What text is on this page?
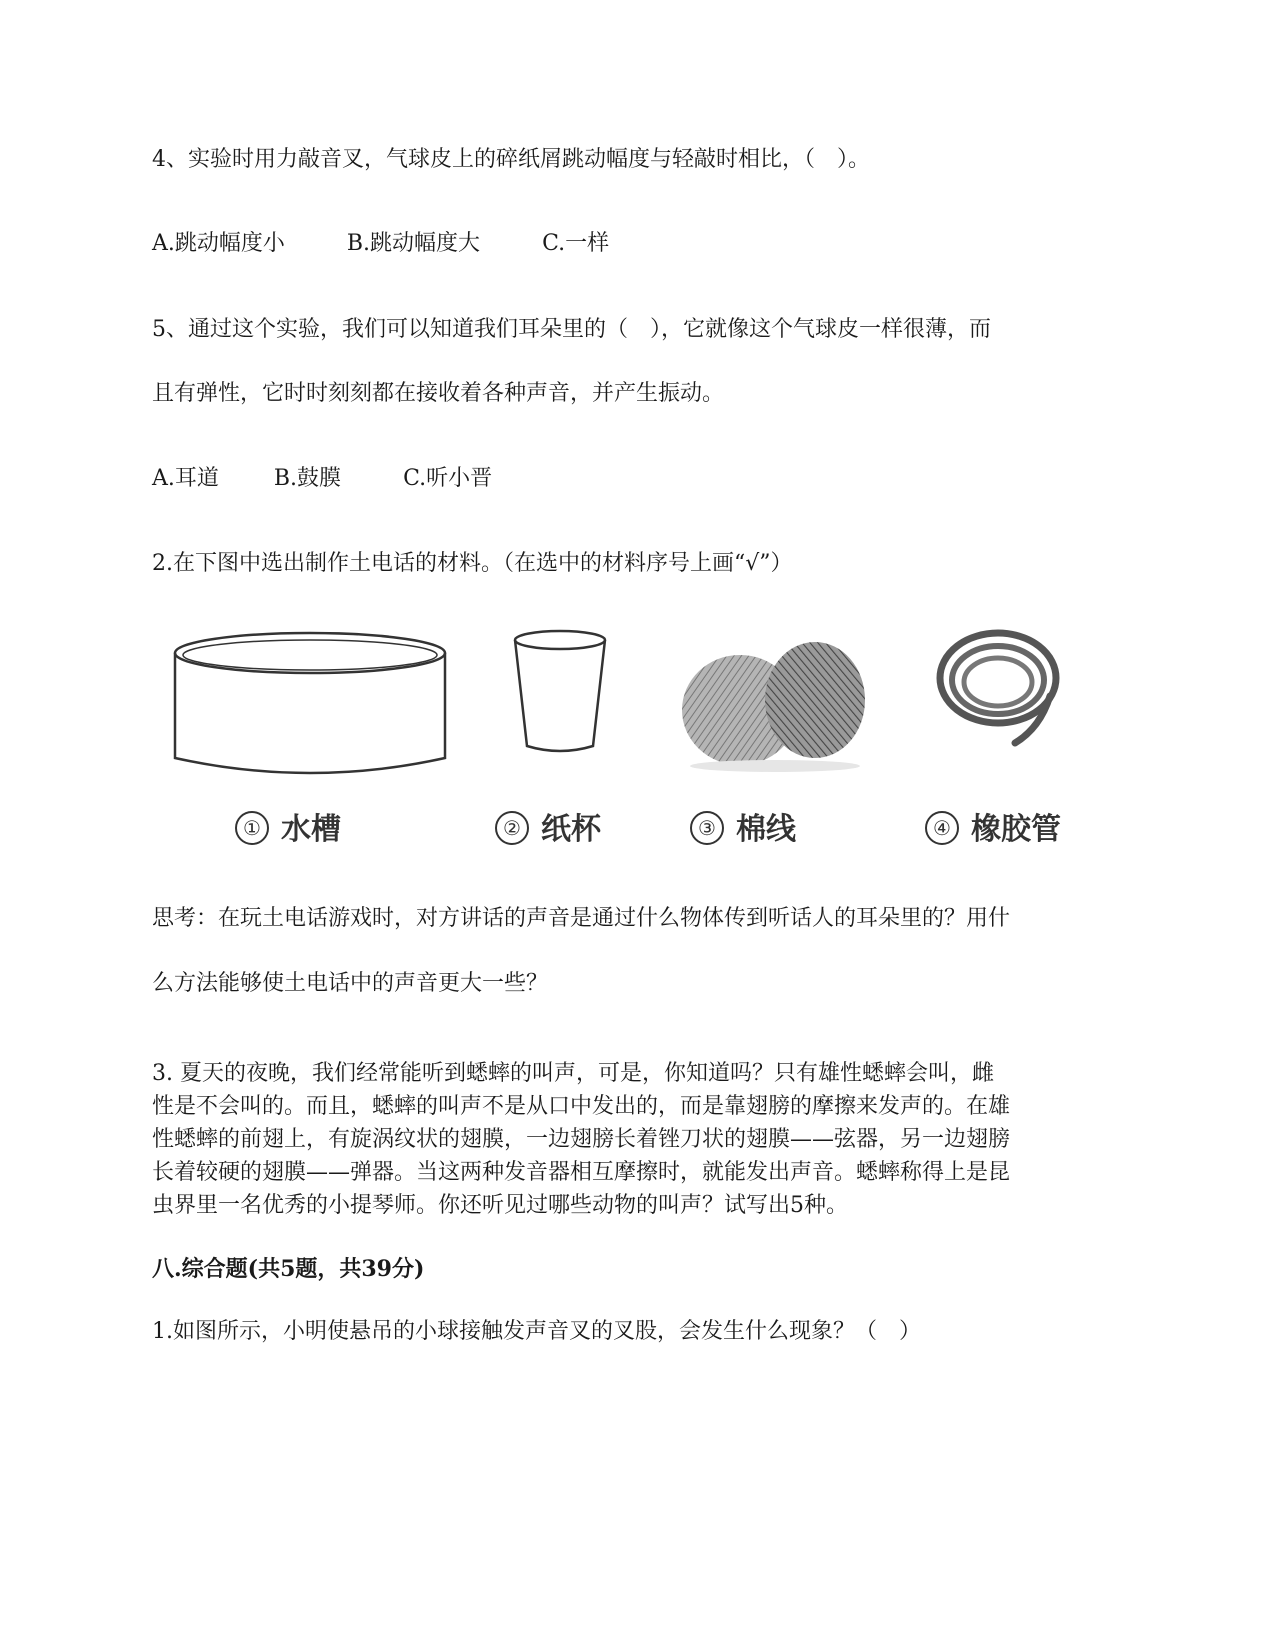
4、实验时用力敲音叉，气球皮上的碎纸屑跳动幅度与轻敲时相比，（　）。
A.跳动幅度小	B.跳动幅度大	C.一样
5、通过这个实验，我们可以知道我们耳朵里的（　），它就像这个气球皮一样很薄，而
且有弹性，它时时刻刻都在接收着各种声音，并产生振动。
A.耳道	B.鼓膜	C.听小晋
2.在下图中选出制作土电话的材料。（在选中的材料序号上画“√”）
① 水槽	② 纸杯	③ 棉线	④ 橡胶管
思考：在玩土电话游戏时，对方讲话的声音是通过什么物体传到听话人的耳朵里的？用什
么方法能够使土电话中的声音更大一些？
3. 夏天的夜晚，我们经常能听到蟋蟀的叫声，可是，你知道吗？只有雄性蟋蟀会叫，雌
性是不会叫的。而且，蟋蟀的叫声不是从口中发出的，而是靠翅膀的摩擦来发声的。在雄
性蟋蟀的前翅上，有旋涡纹状的翅膜，一边翅膀长着锉刀状的翅膜——弦器，另一边翅膀
长着较硬的翅膜——弹器。当这两种发音器相互摩擦时，就能发出声音。蟋蟀称得上是昆
虫界里一名优秀的小提琴师。你还听见过哪些动物的叫声？试写出5种。
八.综合题(共5题，共39分)
1.如图所示，小明使悬吊的小球接触发声音叉的叉股，会发生什么现象？（　）
